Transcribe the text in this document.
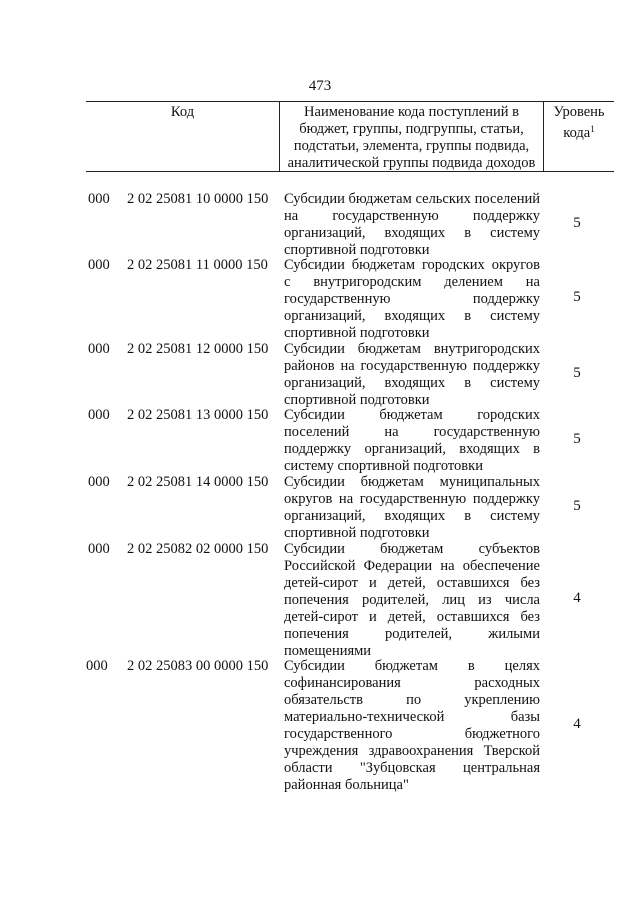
473
Код	Наименование кода поступлений в бюджет, группы, подгруппы, статьи, подстатьи, элемента, группы подвида, аналитической группы подвида доходов
Уровень кода$^1$
000 2 02 25081 10 0000 150 Субсидии бюджетам сельских поселений на государственную поддержку организаций, входящих в систему спортивной подготовки
5
000 2 02 25081 11 0000 150 Субсидии бюджетам городских округов с внутригородским делением на государственную поддержку организаций, входящих в систему спортивной подготовки
5
000 2 02 25081 12 0000 150 Субсидии бюджетам внутригородских районов на государственную поддержку организаций, входящих в систему спортивной подготовки
5
000 2 02 25081 13 0000 150 Субсидии бюджетам городских поселений на государственную поддержку организаций, входящих в систему спортивной подготовки
5
000 2 02 25081 14 0000 150 Субсидии бюджетам муниципальных округов на государственную поддержку организаций, входящих в систему спортивной подготовки
5
000 2 02 25082 02 0000 150 Субсидии бюджетам субъектов Российской Федерации на обеспечение детей-сирот и детей, оставшихся без попечения родителей, лиц из числа детей-сирот и детей, оставшихся без попечения родителей, жилыми помещениями
4
000 2 02 25083 00 0000 150 Субсидии бюджетам в целях софинансирования расходных обязательств по укреплению материально-технической базы государственного бюджетного учреждения здравоохранения Тверской области "Зубцовская центральная районная больница"
4
